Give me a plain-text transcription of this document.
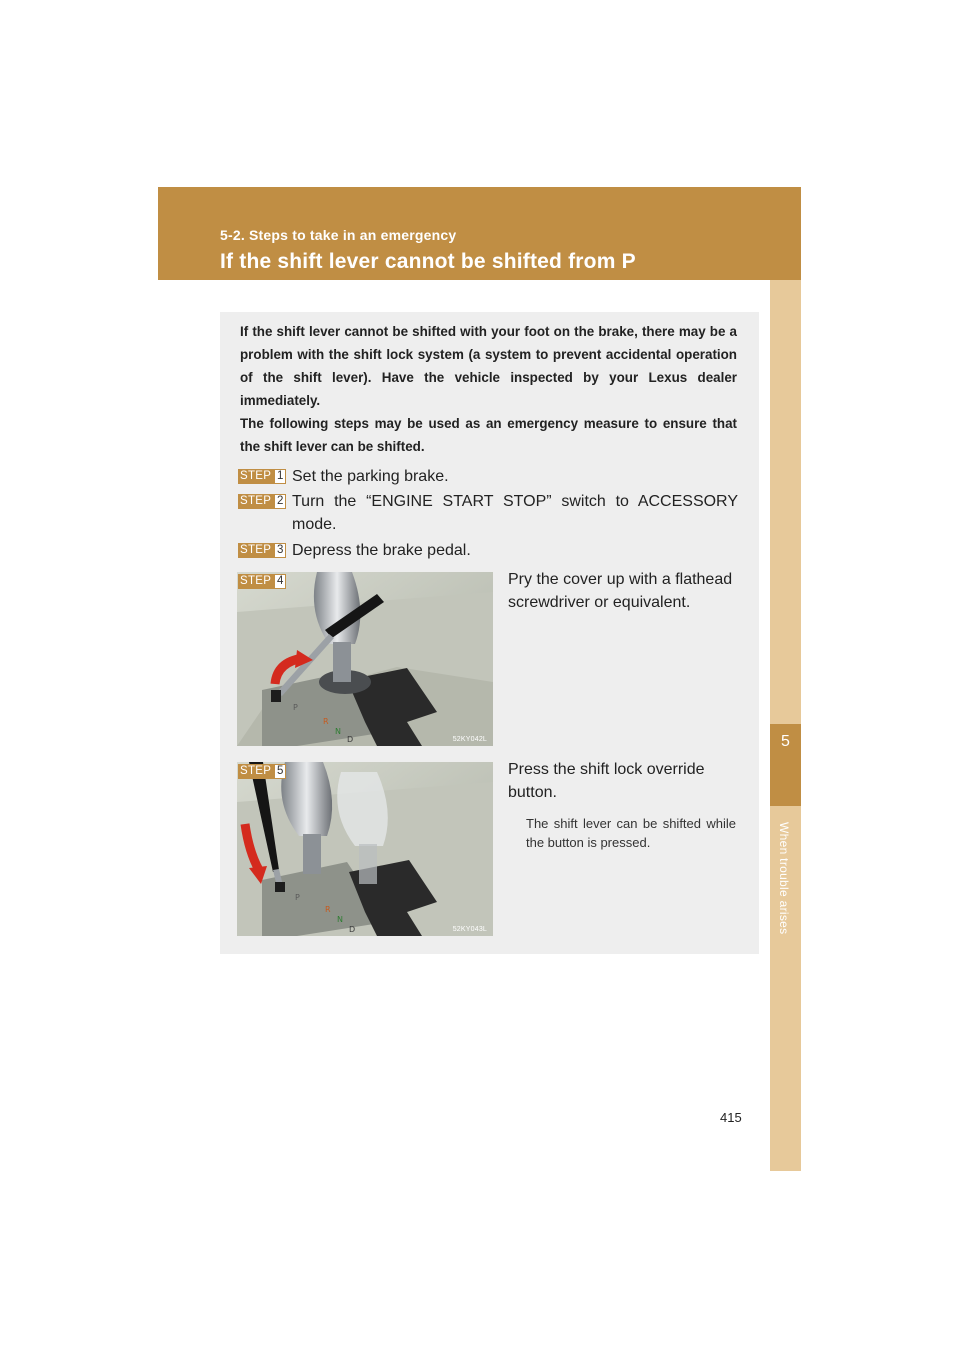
5-2. Steps to take in an emergency
If the shift lever cannot be shifted from P
5
When trouble arises

If the shift lever cannot be shifted with your foot on the brake, there may be a problem with the shift lock system (a system to prevent accidental operation of the shift lever). Have the vehicle inspected by your Lexus dealer immediately.

The following steps may be used as an emergency measure to ensure that the shift lever can be shifted.

STEP 1 Set the parking brake.
STEP 2 Turn the “ENGINE START STOP” switch to ACCESSORY mode.
STEP 3 Depress the brake pedal.
P
R
N
D	52KY042L
STEP 4	Pry the cover up with a flathead screwdriver or equivalent.
P
R
N
D	52KY043L
STEP 5	Press the shift lock override button.
The shift lever can be shifted while the button is pressed.
415
